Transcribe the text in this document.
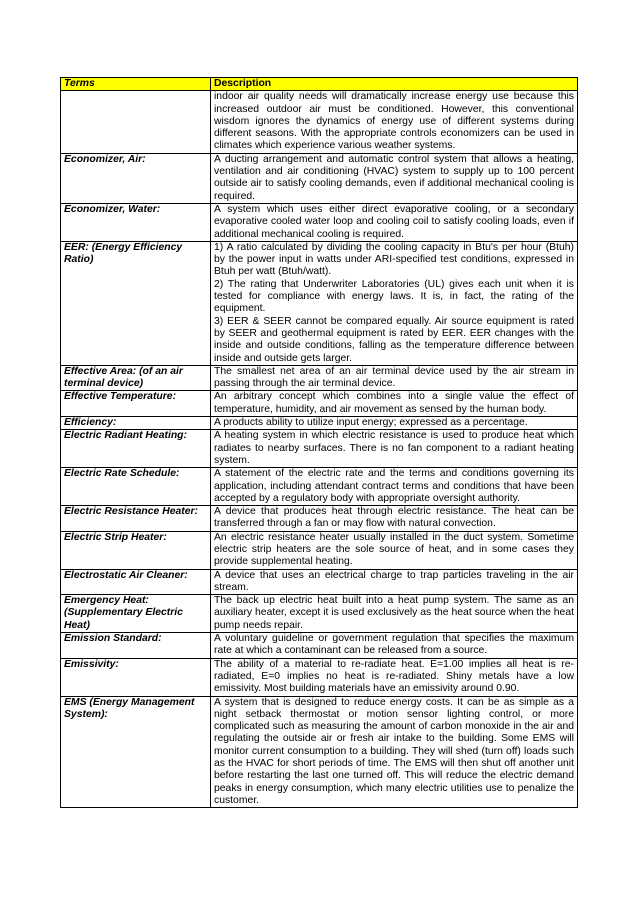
Terms	Description

	indoor air quality needs will dramatically increase energy use because this increased outdoor air must be conditioned. However, this conventional wisdom ignores the dynamics of energy use of different systems during different seasons. With the appropriate controls economizers can be used in climates which experience various weather systems.

Economizer, Air:	A ducting arrangement and automatic control system that allows a heating, ventilation and air conditioning (HVAC) system to supply up to 100 percent outside air to satisfy cooling demands, even if additional mechanical cooling is required.

Economizer, Water:	A system which uses either direct evaporative cooling, or a secondary evaporative cooled water loop and cooling coil to satisfy cooling loads, even if additional mechanical cooling is required.

EER: (Energy Efficiency Ratio)	1) A ratio calculated by dividing the cooling capacity in Btu's per hour (Btuh) by the power input in watts under ARI-specified test conditions, expressed in Btuh per watt (Btuh/watt).
2) The rating that Underwriter Laboratories (UL) gives each unit when it is tested for compliance with energy laws. It is, in fact, the rating of the equipment.
3) EER & SEER cannot be compared equally. Air source equipment is rated by SEER and geothermal equipment is rated by EER. EER changes with the inside and outside conditions, falling as the temperature difference between inside and outside gets larger.

Effective Area: (of an air terminal device)	The smallest net area of an air terminal device used by the air stream in passing through the air terminal device.

Effective Temperature:	An arbitrary concept which combines into a single value the effect of temperature, humidity, and air movement as sensed by the human body.

Efficiency:	A products ability to utilize input energy; expressed as a percentage.

Electric Radiant Heating:	A heating system in which electric resistance is used to produce heat which radiates to nearby surfaces. There is no fan component to a radiant heating system.

Electric Rate Schedule:	A statement of the electric rate and the terms and conditions governing its application, including attendant contract terms and conditions that have been accepted by a regulatory body with appropriate oversight authority.

Electric Resistance Heater:	A device that produces heat through electric resistance. The heat can be transferred through a fan or may flow with natural convection.

Electric Strip Heater:	An electric resistance heater usually installed in the duct system. Sometime electric strip heaters are the sole source of heat, and in some cases they provide supplemental heating.

Electrostatic Air Cleaner:	A device that uses an electrical charge to trap particles traveling in the air stream.

Emergency Heat: (Supplementary Electric Heat)	The back up electric heat built into a heat pump system. The same as an auxiliary heater, except it is used exclusively as the heat source when the heat pump needs repair.

Emission Standard:	A voluntary guideline or government regulation that specifies the maximum rate at which a contaminant can be released from a source.

Emissivity:	The ability of a material to re-radiate heat. E=1.00 implies all heat is re-radiated, E=0 implies no heat is re-radiated. Shiny metals have a low emissivity. Most building materials have an emissivity around 0.90.

EMS (Energy Management System):	A system that is designed to reduce energy costs. It can be as simple as a night setback thermostat or motion sensor lighting control, or more complicated such as measuring the amount of carbon monoxide in the air and regulating the outside air or fresh air intake to the building. Some EMS will monitor current consumption to a building. They will shed (turn off) loads such as the HVAC for short periods of time. The EMS will then shut off another unit before restarting the last one turned off. This will reduce the electric demand peaks in energy consumption, which many electric utilities use to penalize the customer.
